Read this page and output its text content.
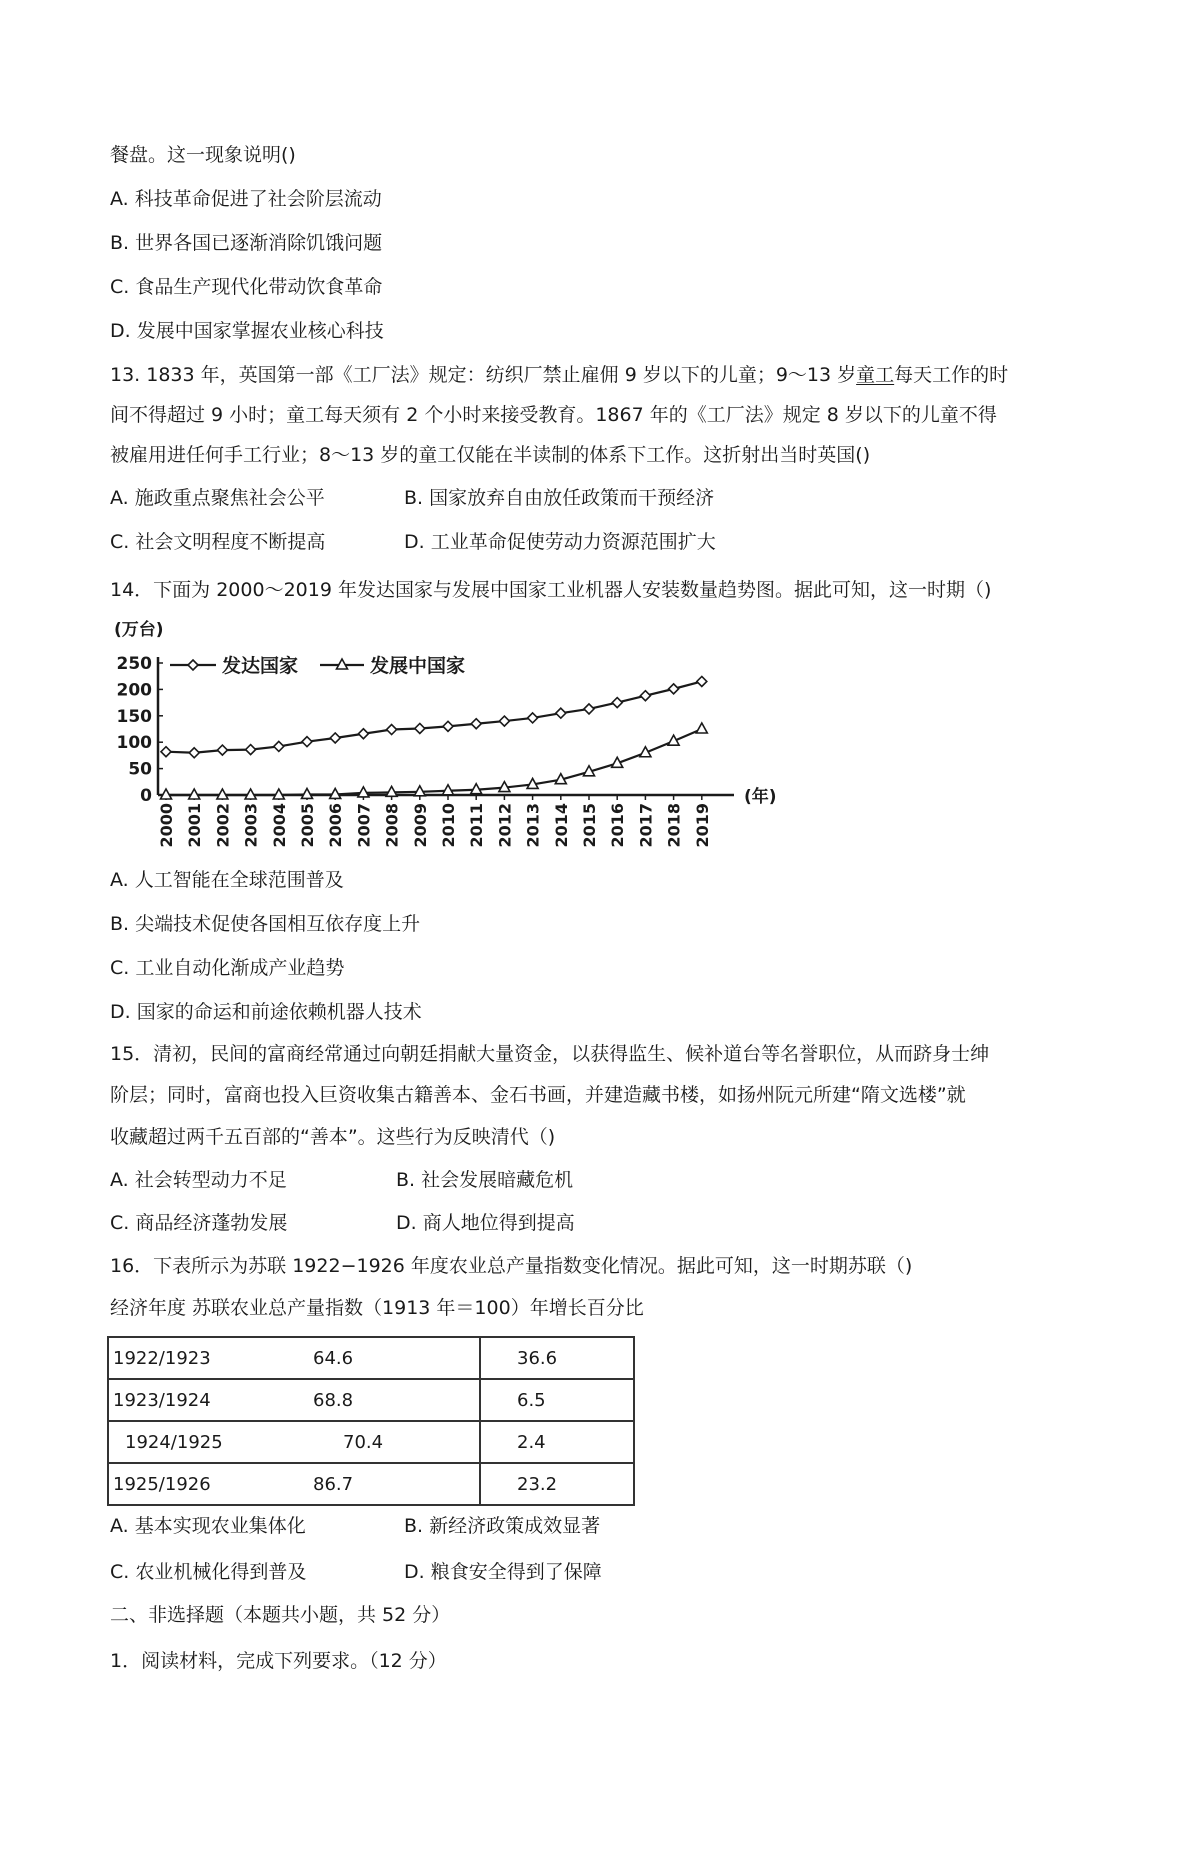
餐盘。这一现象说明()
A. 科技革命促进了社会阶层流动
B. 世界各国已逐渐消除饥饿问题
C. 食品生产现代化带动饮食革命
D. 发展中国家掌握农业核心科技
13. 1833 年，英国第一部《工厂法》规定：纺织厂禁止雇佣 9 岁以下的儿童；9～13 岁童工每天工作的时
间不得超过 9 小时；童工每天须有 2 个小时来接受教育。1867 年的《工厂法》规定 8 岁以下的儿童不得
被雇用进任何手工行业；8～13 岁的童工仅能在半读制的体系下工作。这折射出当时英国()
A. 施政重点聚焦社会公平	B. 国家放弃自由放任政策而干预经济
C. 社会文明程度不断提高	D. 工业革命促使劳动力资源范围扩大
14．下面为 2000～2019 年发达国家与发展中国家工业机器人安装数量趋势图。据此可知，这一时期（)
(万台)
(年)
250
200
150
100
50
0
2000 2001 2002 2003 2004 2005 2006 2007 2008 2009 2010 2011 2012 2013 2014 2015 2016 2017 2018 2019
发达国家	发展中国家
A. 人工智能在全球范围普及
B. 尖端技术促使各国相互依存度上升
C. 工业自动化渐成产业趋势
D. 国家的命运和前途依赖机器人技术
15．清初，民间的富商经常通过向朝廷捐献大量资金，以获得监生、候补道台等名誉职位，从而跻身士绅
阶层；同时，富商也投入巨资收集古籍善本、金石书画，并建造藏书楼，如扬州阮元所建“隋文选楼”就
收藏超过两千五百部的“善本”。这些行为反映清代（)
A. 社会转型动力不足	B. 社会发展暗藏危机
C. 商品经济蓬勃发展	D. 商人地位得到提高
16．下表所示为苏联 1922−1926 年度农业总产量指数变化情况。据此可知，这一时期苏联（)
经济年度 苏联农业总产量指数（1913 年＝100）年增长百分比
1922/1923 64.6	36.6
1923/1924 68.8	6.5
1924/1925 70.4	2.4
1925/1926 86.7	23.2
A. 基本实现农业集体化	B. 新经济政策成效显著
C. 农业机械化得到普及	D. 粮食安全得到了保障
二、非选择题（本题共小题，共 52 分）
1．阅读材料，完成下列要求。（12 分）
